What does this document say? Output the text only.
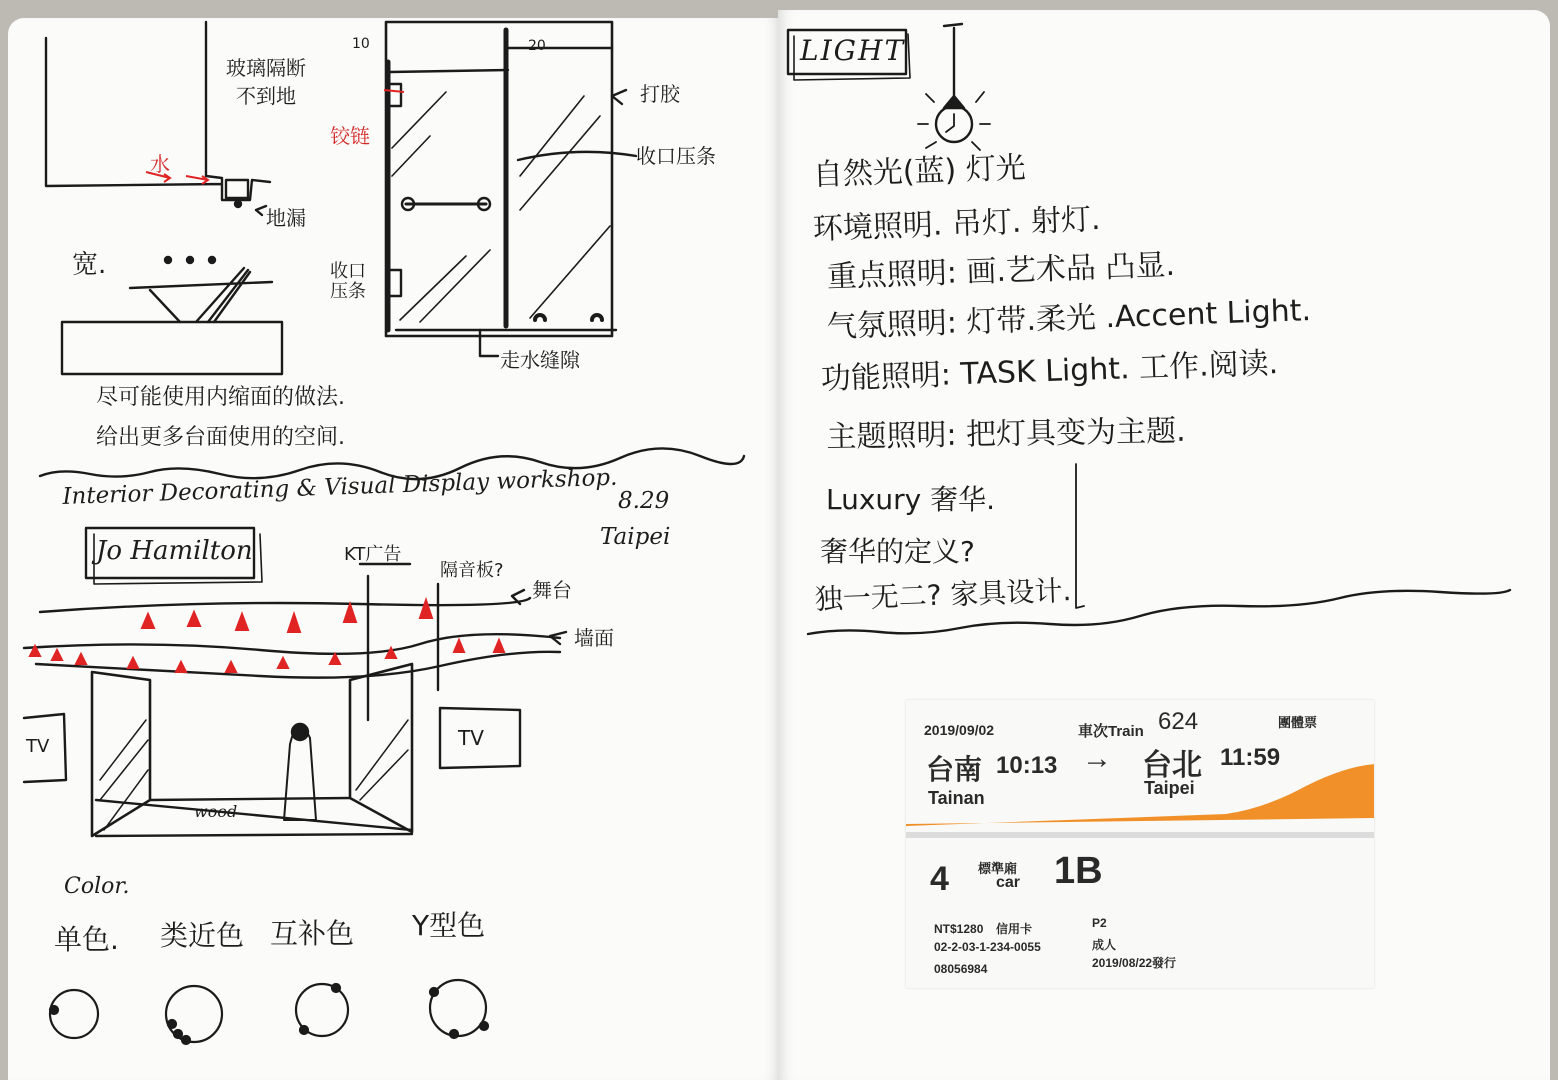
玻璃隔断
不到地
水
地漏
10	20
铰链
打胶
收口压条
收口压条
走水缝隙
宽.
尽可能使用内缩面的做法.
给出更多台面使用的空间.
Interior Decorating & Visual Display workshop. 8.29
Taipei
Jo Hamilton	KT广告
隔音板?
舞台
墙面
TV	TV
wood
Color.
单色. 类近色 互补色 Y型色
LIGHT
自然光(蓝) 灯光
环境照明. 吊灯. 射灯.
重点照明: 画.艺术品 凸显.
气氛照明: 灯带.柔光 .Accent Light.
功能照明: TASK Light. 工作.阅读.
主题照明: 把灯具变为主题.
Luxury 奢华.
奢华的定义?
独一无二? 家具设计.
2019/09/02	車次Train 624	團體票
台南 10:13 → 台北 11:59
Tainan	Taipei
4 標準廂
car 1B
NT$1280 信用卡
02-2-03-1-234-0055
08056984
P2
成人
2019/08/22發行
